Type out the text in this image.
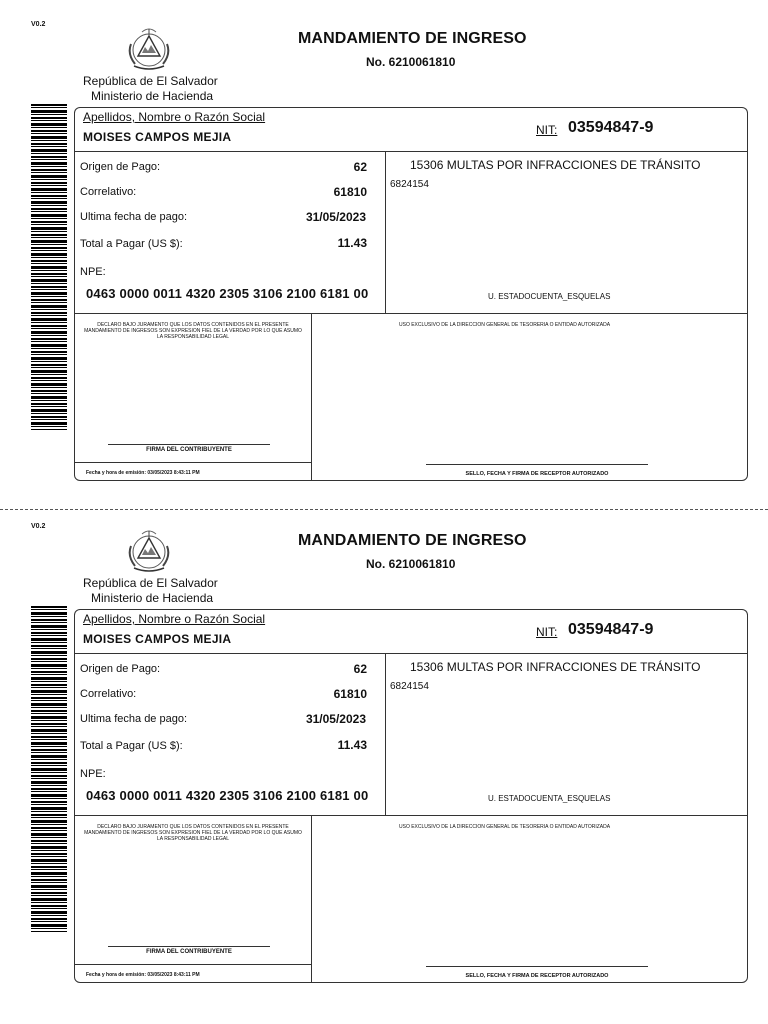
V0.2
República de El Salvador
Ministerio de Hacienda
MANDAMIENTO DE INGRESO
No. 6210061810
Apellidos, Nombre o Razón Social
MOISES CAMPOS MEJIA	NIT: 03594847-9
Origen de Pago:	62
Correlativo:	61810
Ultima fecha de pago:	31/05/2023
Total a Pagar (US $):	11.43
NPE:
0463 0000 0011 4320 2305 3106 2100 6181 00
15306 MULTAS POR INFRACCIONES DE TRÁNSITO
6824154
U. ESTADOCUENTA_ESQUELAS
DECLARO BAJO JURAMENTO QUE LOS DATOS CONTENIDOS EN EL PRESENTE MANDAMIENTO DE INGRESOS SON EXPRESION FIEL DE LA VERDAD POR LO QUE ASUMO LA RESPONSABILIDAD LEGAL
USO EXCLUSIVO DE LA DIRECCION GENERAL DE TESORERIA O ENTIDAD AUTORIZADA
FIRMA DEL CONTRIBUYENTE
Fecha y hora de emisión: 03/05/2023 8:43:11 PM	SELLO, FECHA Y FIRMA DE RECEPTOR AUTORIZADO
V0.2
República de El Salvador
Ministerio de Hacienda
MANDAMIENTO DE INGRESO
No. 6210061810
Apellidos, Nombre o Razón Social
MOISES CAMPOS MEJIA	NIT: 03594847-9
Origen de Pago:	62
Correlativo:	61810
Ultima fecha de pago:	31/05/2023
Total a Pagar (US $):	11.43
NPE:
0463 0000 0011 4320 2305 3106 2100 6181 00
15306 MULTAS POR INFRACCIONES DE TRÁNSITO
6824154
U. ESTADOCUENTA_ESQUELAS
DECLARO BAJO JURAMENTO QUE LOS DATOS CONTENIDOS EN EL PRESENTE MANDAMIENTO DE INGRESOS SON EXPRESION FIEL DE LA VERDAD POR LO QUE ASUMO LA RESPONSABILIDAD LEGAL
USO EXCLUSIVO DE LA DIRECCION GENERAL DE TESORERIA O ENTIDAD AUTORIZADA
FIRMA DEL CONTRIBUYENTE
Fecha y hora de emisión: 03/05/2023 8:43:11 PM	SELLO, FECHA Y FIRMA DE RECEPTOR AUTORIZADO
